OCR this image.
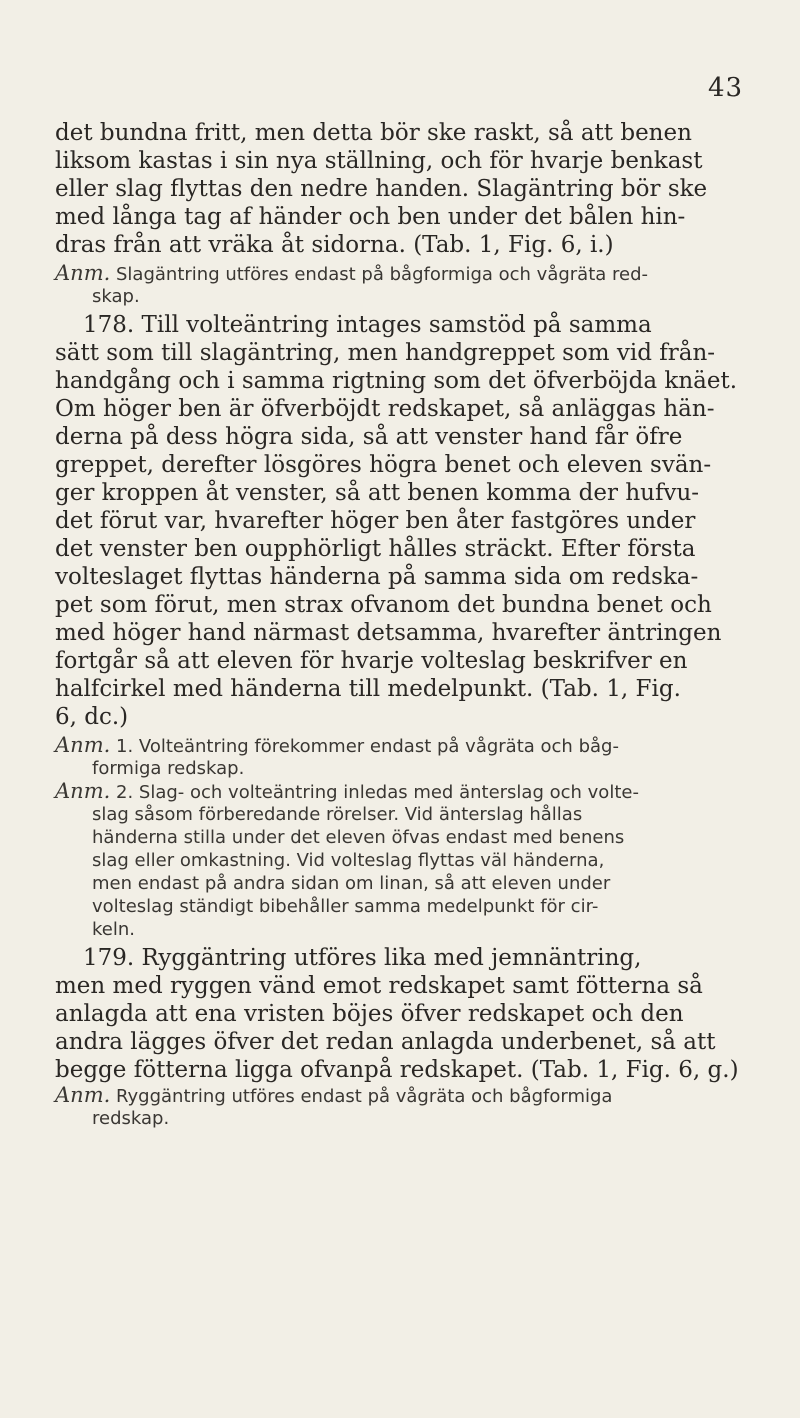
43
det bundna fritt, men detta bör ske raskt, så att benen
liksom kastas i sin nya ställning, och för hvarje benkast
eller slag flyttas den nedre handen. Slagäntring bör ske
med långa tag af händer och ben under det bålen hin-
dras från att vräka åt sidorna. (Tab. 1, Fig. 6, i.)
Anm. Slagäntring utföres endast på bågformiga och vågräta red-
skap.
178. Till volteäntring intages samstöd på samma
sätt som till slagäntring, men handgreppet som vid från-
handgång och i samma rigtning som det öfverböjda knäet.
Om höger ben är öfverböjdt redskapet, så anläggas hän-
derna på dess högra sida, så att venster hand får öfre
greppet, derefter lösgöres högra benet och eleven svän-
ger kroppen åt venster, så att benen komma der hufvu-
det förut var, hvarefter höger ben åter fastgöres under
det venster ben oupphörligt hålles sträckt. Efter första
volteslaget flyttas händerna på samma sida om redska-
pet som förut, men strax ofvanom det bundna benet och
med höger hand närmast detsamma, hvarefter äntringen
fortgår så att eleven för hvarje volteslag beskrifver en
halfcirkel med händerna till medelpunkt. (Tab. 1, Fig.
6, dc.)
Anm. 1. Volteäntring förekommer endast på vågräta och båg-
formiga redskap.
Anm. 2. Slag- och volteäntring inledas med änterslag och volte-
slag såsom förberedande rörelser. Vid änterslag hållas
händerna stilla under det eleven öfvas endast med benens
slag eller omkastning. Vid volteslag flyttas väl händerna,
men endast på andra sidan om linan, så att eleven under
volteslag ständigt bibehåller samma medelpunkt för cir-
keln.
179. Ryggäntring utföres lika med jemnäntring,
men med ryggen vänd emot redskapet samt fötterna så
anlagda att ena vristen böjes öfver redskapet och den
andra lägges öfver det redan anlagda underbenet, så att
begge fötterna ligga ofvanpå redskapet. (Tab. 1, Fig. 6, g.)
Anm. Ryggäntring utföres endast på vågräta och bågformiga
redskap.
